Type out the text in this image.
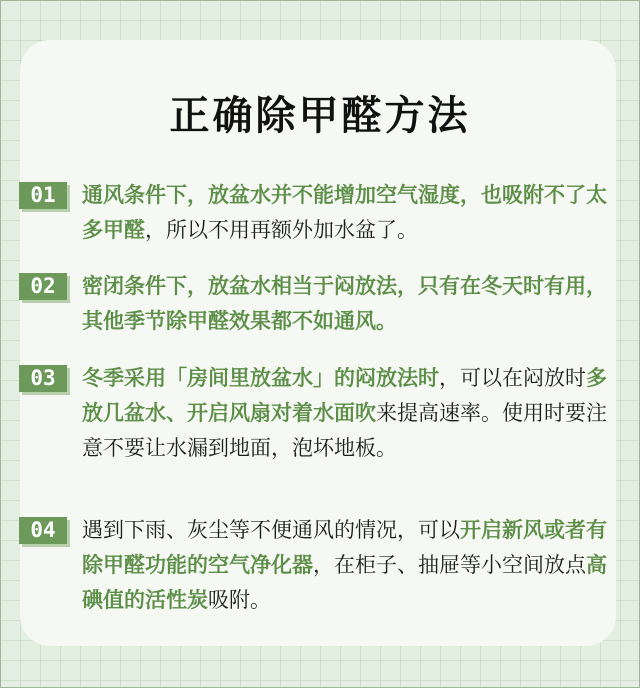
正确除甲醛方法
01	通风条件下，放盆水并不能增加空气湿度，也吸附不了太多甲醛，所以不用再额外加水盆了。
02	密闭条件下，放盆水相当于闷放法，只有在冬天时有用，其他季节除甲醛效果都不如通风。
03	冬季采用「房间里放盆水」的闷放法时，可以在闷放时多放几盆水、开启风扇对着水面吹来提高速率。使用时要注意不要让水漏到地面，泡坏地板。
04	遇到下雨、灰尘等不便通风的情况，可以开启新风或者有除甲醛功能的空气净化器，在柜子、抽屉等小空间放点高碘值的活性炭吸附。
